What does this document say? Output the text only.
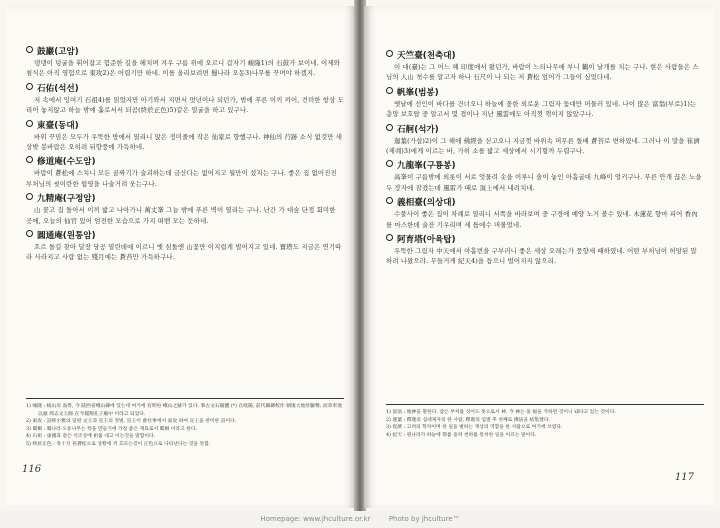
鼓巖(고암)

댕댕이 덩굴을 휘어잡고 험준한 길을 헤치며 겨우 구름 위에 오르니 갑자기 峻隆1)의 石鼓가 보이네. 이제와 침식은 아직 영험으로 東攻2)은 어렵기만 하네. 이를 올리보려면 蜀나라 오동3)나무를 꾸며야 하겠지.

石佑(석선)

저 속에서 잉여기 石祖4)를 읽었지만 아기와서 지면서 멋넌이나 되던가, 범에 푸른 이끼 끼어, 견뎌한 항상 도리어 놓지않고 하늘 밖에 훌로서서 되곰(終於正色)5)같은 얼굴을 하고 있구나.

東臺(동대)

바위 꾸밈은 모두가 우뚝한 방에서 열리니 앉은 정미줄에 작은 仙家로 향했구나. 神仙의 荇跡 소식 없것만 새상밖 봉바람은 오히려 뒤향풍에 가득하네.

修道庵(수도암)

바람이 蒼松에 스치니 모든 골짜기가 술괴하는데 금산다는 없어지고 월만이 섰지는 구나. 좋은 집 없어진진 부처님의 씻이란한 웜영을 나술거려 웃는구나.

九精庵(구정암)

山 꽂고 집 돌아서 이끼 밟고 나아가니 萬丈峯 그늘 밖에 푸른 벽이 열리는 구나. 난간 가 대숲 단정 회미한 곳에, 오늘의 仙官 있어 엄전한 모습으로 가지 떠밴 모는 듯하네.

圓通庵(원통암)

흐르 돌길 찾아 달장 당공 열린데에 이르니 옛 섬돌엔 山꽃만 이지럽게 벌어지고 있네. 寶塔도 지금은 연기따라 사라지고 사람 없는 殘月에는 蒼苔만 가득하구나.

1) 峻隆 : 崚山의 南쪽, 今 陝西省峨山縣에 있는데 여기에 有明한 峨山之跡가 있다. 峯古文石銀體 (*) 在岐陽, 前代縣縣校作 朝康大始壯驅勢, 而章奉逸以頭 周志文王師 在今鳳翔孔子廟中 이라고 되었다.

2) 東攻 : 詩經小雅의 일편 文王과 宣王의 정벌. 宣王이 會社事에서 東攻 하여 宣王을 찬미한 詩이다.

3) 蜀桐 : 蜀나라 오동나무는 琴을 만들기에 가장 좋은 재료로서 蜀桐 이라고 한다.

4) 石祖 : 東國과 같은 석조상에 祖를 대고 이는것을 말함이다.

5) 終於正色 : 冬十月 苔蒼松으로 상황에 끼 흐르는것이 正色으로 나타난다는 것을 뜻함.

116

天竺臺(천축대)

이 대(臺)는 그 어느 해 印度에서 왔던가, 바람이 느티나무에 부니 鶴이 날개를 치는 구나. 현은 사람들은 스님의 人山 쳣수를 알고자 하나 石尺이 나 되는 저 蒼松 엎어가 그들이 심었다네.

帆峯(범봉)

옛날에 선인이 바다를 건너오니 하늘에 꽂한 외로운 그림자 돛대만 머물러 있네. 나이 많은 富翁(부로)1)는 층망 보호탑 중 알고서 몇 겹이나 지난 風雲에도 아직껏 꺾이지 않았구나.

石舸(석가)

迦葉(가섭)2)이 그 해에 佛經을 싣고오니 지금껏 바위속 머무른 돌배 蒼苔로 변하였네. 그러나 이 말을 崔濟(제례)3)에게 이르는 바, 가히 소를 밟고 세상에서 시기할까 두렵구나.

九龍峯(구룡봉)

高峯이 구름밖에 외롯이 서로 엇물려 솟을 이루니 솔이 놓인 아홉굽대 九峰이 엉키구나. 푸른 안개 끊은 노을 두 장자에 잠겼는데 風雷가 때로 頂上에서 내려치네.

義相臺(의상대)

수풀사이 좋은 집이 차례로 열리니 서쪽을 바라보며 중 구경에 예양 노거 볼수 있네. 木蓮花 향마 피어 香內를 마스한데 술잔 기우리며 세 틉에수 머물었네.

阿育塔(아육탑)

우뚝한 그림자 中天에서 아홉번을 구부러니 좋은 세상 오래는가 풍향세 때하였네. 어떤 부처님이 허망된 말 하려 나왔으랴. 무들거게 紀天4)을 돕으니 벌어지지 않으리.

1) 富翁 : 地神을 말한다. 얍은 부처를 싱어도 못으로서 神, 今 神는 돌 福을 가하면 것이니 돼다고 있는 것이다.

2) 迦葉 : 釋迦의 십대제자의 한 사람, 釋迦의 입멸 후 첫째로 佛法을 結集했다.

3) 崔濟 : 고려의 학자이며 한 일을 벌하는 재상의 역할을 한 사람으로 여기에 쓰였다.

4) 紀天 : 원나라가 하늘에 祭를 올려 천하를 통치한 일을 이르는 말이다.

117
Homepage: www.jhculture.or.kr	Photo by jhculture™
